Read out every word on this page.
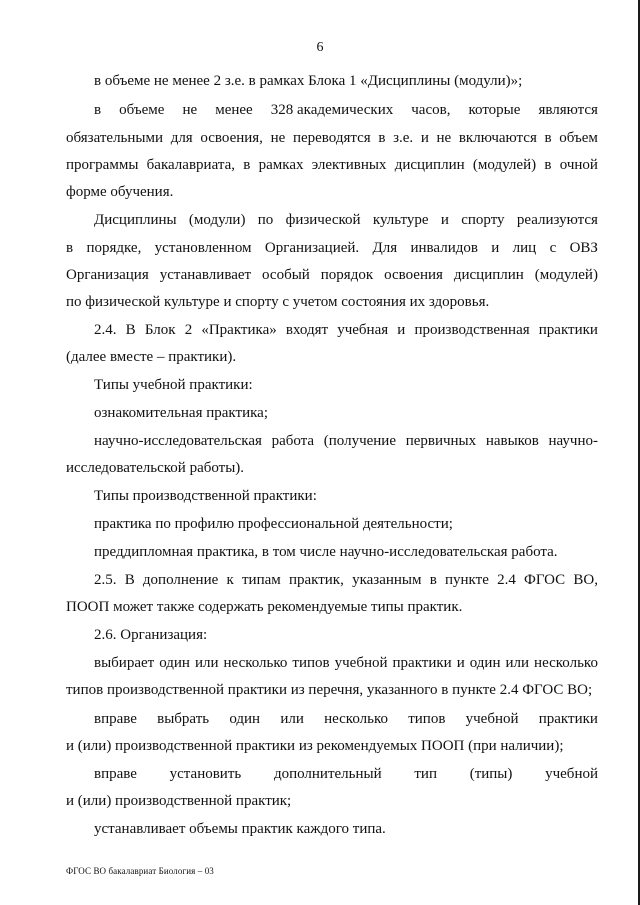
6
в объеме не менее 2 з.е. в рамках Блока 1 «Дисциплины (модули)»;
в объеме не менее 328 академических часов, которые являются
обязательными для освоения, не переводятся в з.е. и не включаются в объем
программы бакалавриата, в рамках элективных дисциплин (модулей) в очной
форме обучения.
Дисциплины (модули) по физической культуре и спорту реализуются
в порядке, установленном Организацией. Для инвалидов и лиц с ОВЗ
Организация устанавливает особый порядок освоения дисциплин (модулей)
по физической культуре и спорту с учетом состояния их здоровья.
2.4. В Блок 2 «Практика» входят учебная и производственная практики
(далее вместе – практики).
Типы учебной практики:
ознакомительная практика;
научно-исследовательская работа (получение первичных навыков научно-
исследовательской работы).
Типы производственной практики:
практика по профилю профессиональной деятельности;
преддипломная практика, в том числе научно-исследовательская работа.
2.5. В дополнение к типам практик, указанным в пункте 2.4 ФГОС ВО,
ПООП может также содержать рекомендуемые типы практик.
2.6. Организация:
выбирает один или несколько типов учебной практики и один или несколько
типов производственной практики из перечня, указанного в пункте 2.4 ФГОС ВО;
вправе выбрать один или несколько типов учебной практики
и (или) производственной практики из рекомендуемых ПООП (при наличии);
вправе установить дополнительный тип (типы) учебной
и (или) производственной практик;
устанавливает объемы практик каждого типа.
ФГОС ВО бакалавриат Биология – 03
